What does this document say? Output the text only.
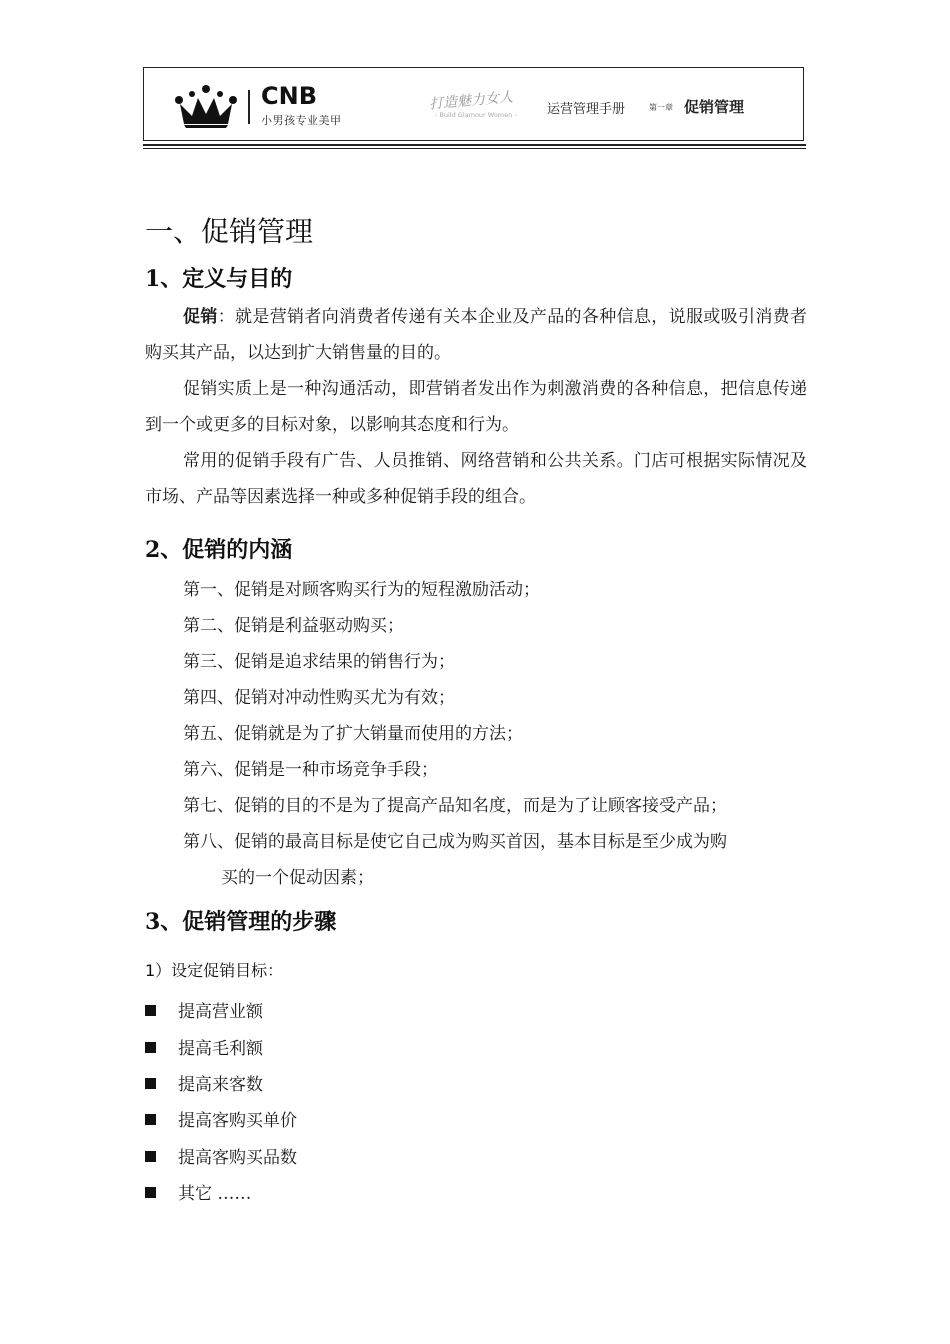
CNB
小男孩专业美甲
打造魅力女人
- Build Glamour Women - 运营管理手册	第一章 促销管理
一、促销管理
1、定义与目的

促销：就是营销者向消费者传递有关本企业及产品的各种信息，说服或吸引消费者购买其产品，以达到扩大销售量的目的。

促销实质上是一种沟通活动，即营销者发出作为刺激消费的各种信息，把信息传递到一个或更多的目标对象，以影响其态度和行为。

常用的促销手段有广告、人员推销、网络营销和公共关系。门店可根据实际情况及市场、产品等因素选择一种或多种促销手段的组合。

2、促销的内涵
第一、促销是对顾客购买行为的短程激励活动；
第二、促销是利益驱动购买；
第三、促销是追求结果的销售行为；
第四、促销对冲动性购买尤为有效；
第五、促销就是为了扩大销量而使用的方法；
第六、促销是一种市场竞争手段；
第七、促销的目的不是为了提高产品知名度，而是为了让顾客接受产品；
第八、促销的最高目标是使它自己成为购买首因，基本目标是至少成为购
买的一个促动因素；
3、促销管理的步骤
1）设定促销目标：
提高营业额
提高毛利额
提高来客数
提高客购买单价
提高客购买品数
其它 ……
